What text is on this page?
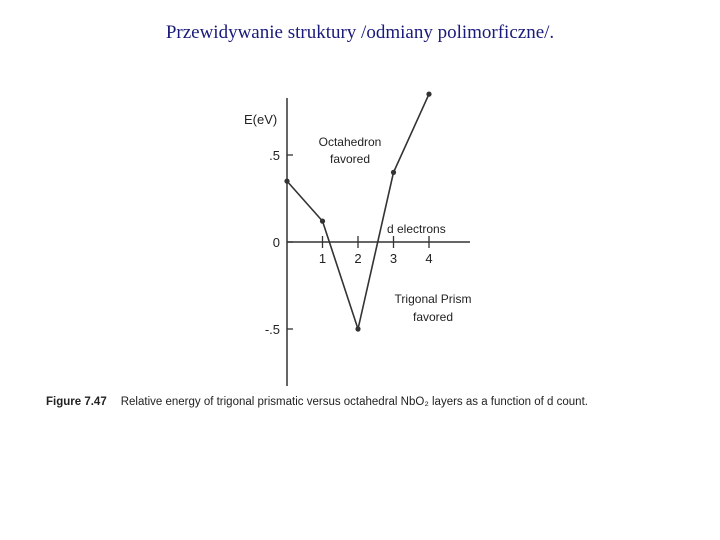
Przewidywanie struktury /odmiany polimorficzne/.
E(eV)
d electrons
Octahedron
favored
Trigonal Prism
favored
1 2 3 4
.5
0
-.5
Figure 7.47 Relative energy of trigonal prismatic versus octahedral NbO₂ layers as a function of d count.
